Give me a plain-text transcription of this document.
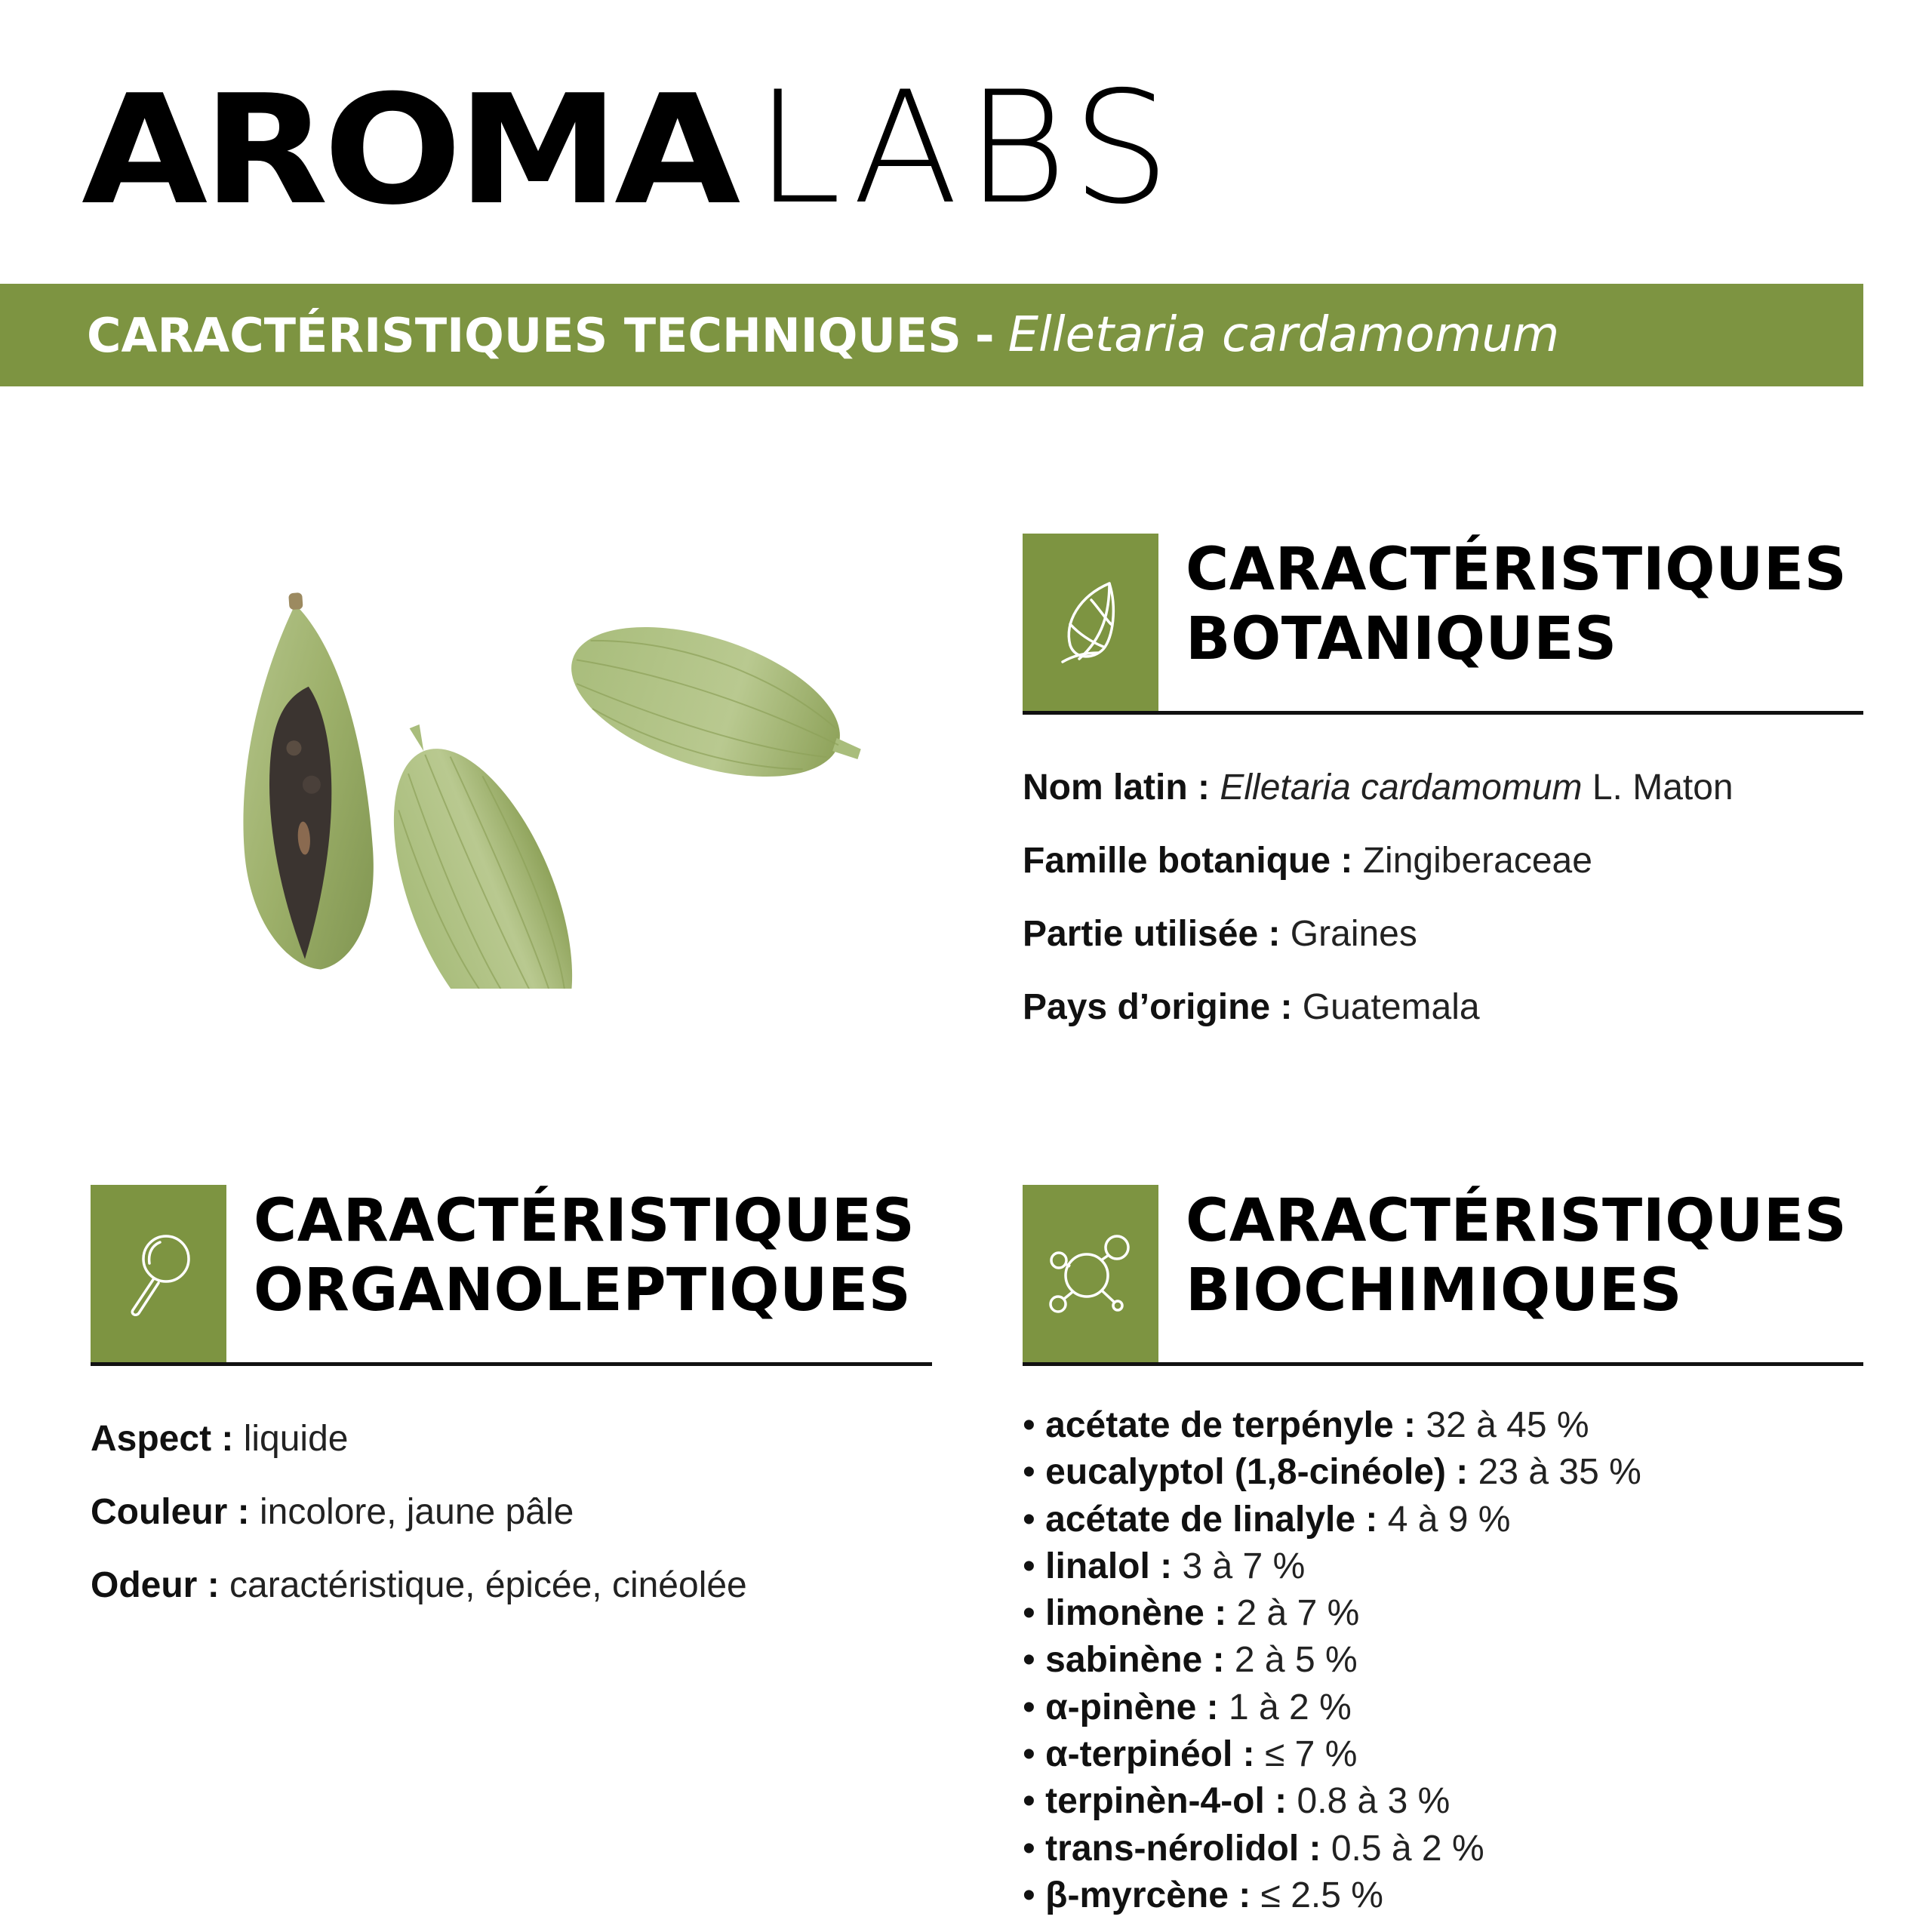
AROMA LABS
CARACTÉRISTIQUES TECHNIQUES - Elletaria cardamomum
CARACTÉRISTIQUES
BOTANIQUES
Nom latin : Elletaria cardamomum L. Maton
Famille botanique : Zingiberaceae
Partie utilisée : Graines
Pays d’origine : Guatemala
CARACTÉRISTIQUES
ORGANOLEPTIQUES
Aspect : liquide
Couleur : incolore, jaune pâle
Odeur : caractéristique, épicée, cinéolée
CARACTÉRISTIQUES
BIOCHIMIQUES
• acétate de terpényle : 32 à 45 %
• eucalyptol (1,8-cinéole) : 23 à 35 %
• acétate de linalyle : 4 à 9 %
• linalol : 3 à 7 %
• limonène : 2 à 7 %
• sabinène : 2 à 5 %
• α-pinène : 1 à 2 %
• α-terpinéol : ≤ 7 %
• terpinèn-4-ol : 0.8 à 3 %
• trans-nérolidol : 0.5 à 2 %
• β-myrcène : ≤ 2.5 %
